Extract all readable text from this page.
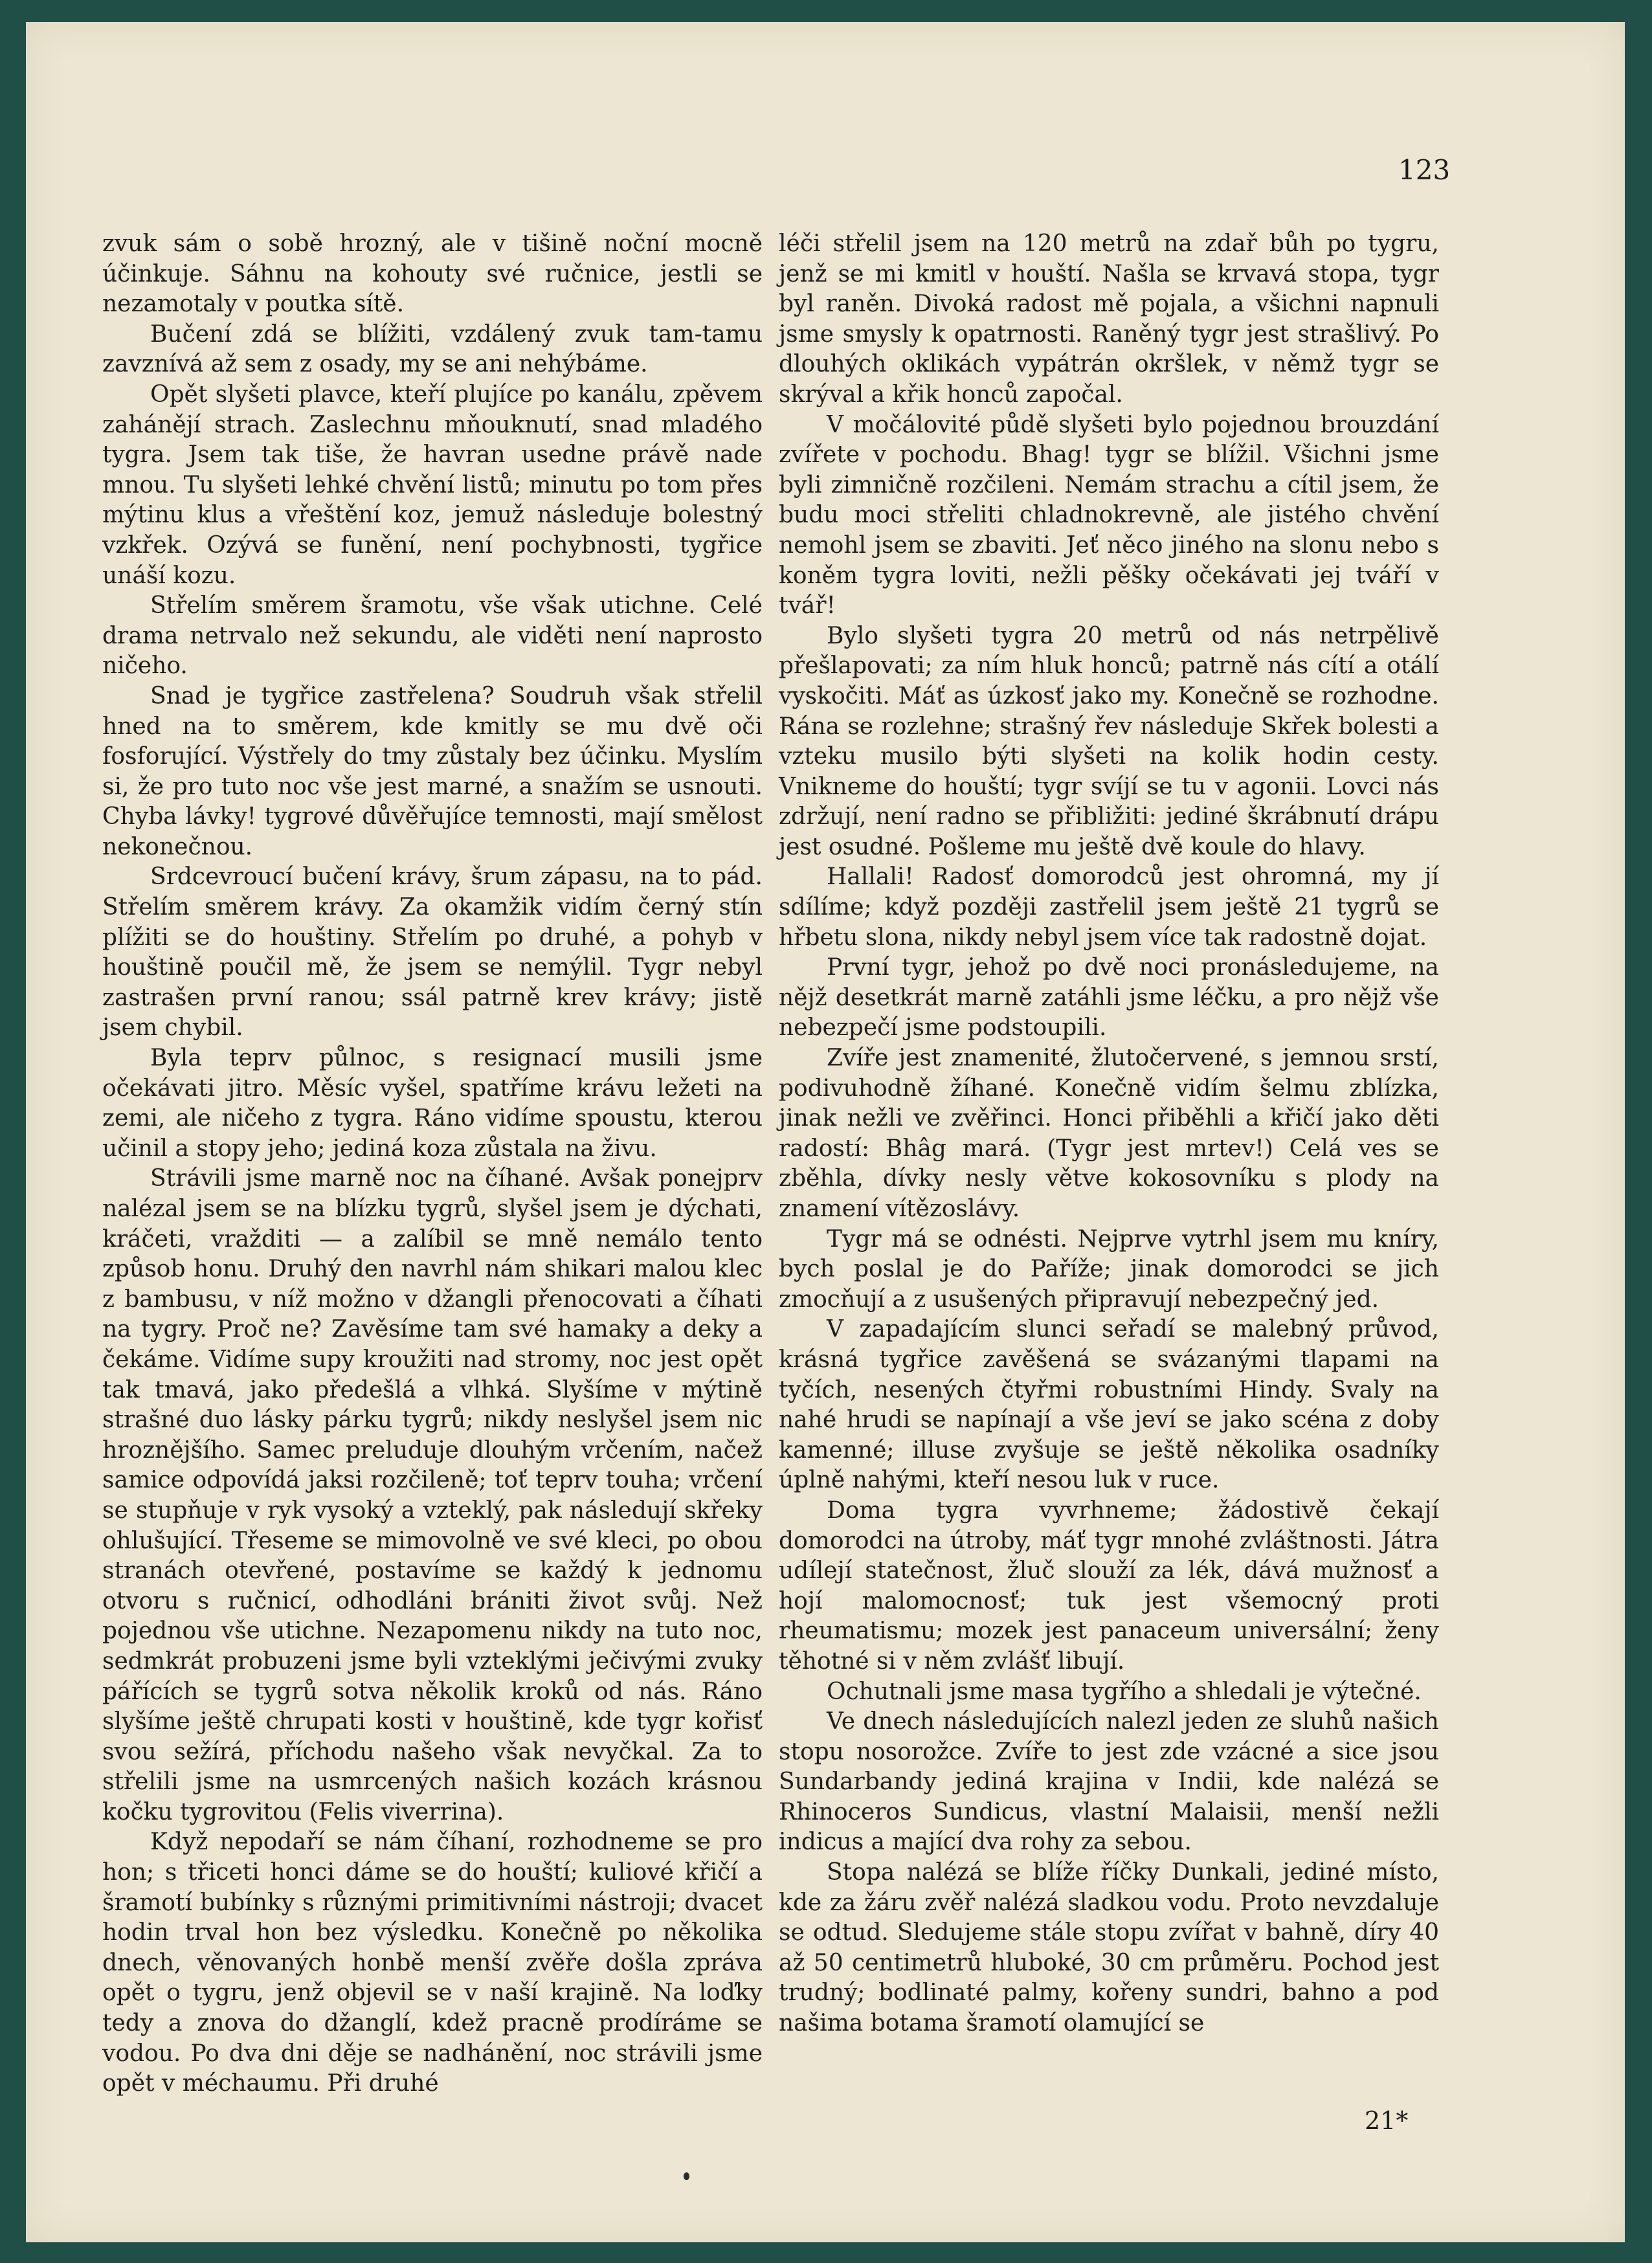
123

zvuk sám o sobě hrozný, ale v tišině noční mocně účinkuje. Sáhnu na kohouty své ručnice, jestli se nezamotaly v poutka sítě.

Bučení zdá se blížiti, vzdálený zvuk tam-tamu zavznívá až sem z osady, my se ani nehýbáme.

Opět slyšeti plavce, kteří plujíce po kanálu, zpěvem zahánějí strach. Zaslechnu mňouknutí, snad mladého tygra. Jsem tak tiše, že havran usedne právě nade mnou. Tu slyšeti lehké chvění listů; minutu po tom přes mýtinu klus a vřeštění koz, jemuž následuje bolestný vzkřek. Ozývá se funění, není pochybnosti, tygřice unáší kozu.

Střelím směrem šramotu, vše však utichne. Celé drama netrvalo než sekundu, ale viděti není naprosto ničeho.

Snad je tygřice zastřelena? Soudruh však střelil hned na to směrem, kde kmitly se mu dvě oči fosforující. Výstřely do tmy zůstaly bez účinku. Myslím si, že pro tuto noc vše jest marné, a snažím se usnouti. Chyba lávky! tygrové důvěřujíce temnosti, mají smělost nekonečnou.

Srdcevroucí bučení krávy, šrum zápasu, na to pád. Střelím směrem krávy. Za okamžik vidím černý stín plížiti se do houštiny. Střelím po druhé, a pohyb v houštině poučil mě, že jsem se nemýlil. Tygr nebyl zastrašen první ranou; ssál patrně krev krávy; jistě jsem chybil.

Byla teprv půlnoc, s resignací musili jsme očekávati jitro. Měsíc vyšel, spatříme krávu ležeti na zemi, ale ničeho z tygra. Ráno vidíme spoustu, kterou učinil a stopy jeho; jediná koza zůstala na živu.

Strávili jsme marně noc na číhané. Avšak ponejprv nalézal jsem se na blízku tygrů, slyšel jsem je dýchati, kráčeti, vražditi — a zalíbil se mně nemálo tento způsob honu. Druhý den navrhl nám shikari malou klec z bambusu, v níž možno v džangli přenocovati a číhati na tygry. Proč ne? Zavěsíme tam své hamaky a deky a čekáme. Vidíme supy kroužiti nad stromy, noc jest opět tak tmavá, jako předešlá a vlhká. Slyšíme v mýtině strašné duo lásky párku tygrů; nikdy neslyšel jsem nic hroznějšího. Samec preluduje dlouhým vrčením, načež samice odpovídá jaksi rozčileně; toť teprv touha; vrčení se stupňuje v ryk vysoký a vzteklý, pak následují skřeky ohlušující. Třeseme se mimovolně ve své kleci, po obou stranách otevřené, postavíme se každý k jednomu otvoru s ručnicí, odhodláni brániti život svůj. Než pojednou vše utichne. Nezapomenu nikdy na tuto noc, sedmkrát probuzeni jsme byli vzteklými ječivými zvuky pářících se tygrů sotva několik kroků od nás. Ráno slyšíme ještě chrupati kosti v houštině, kde tygr kořisť svou sežírá, příchodu našeho však nevyčkal. Za to střelili jsme na usmrcených našich kozách krásnou kočku tygrovitou (Felis viverrina).

Když nepodaří se nám číhaní, rozhodneme se pro hon; s třiceti honci dáme se do houští; kuliové křičí a šramotí bubínky s různými primitivními nástroji; dvacet hodin trval hon bez výsledku. Konečně po několika dnech, věnovaných honbě menší zvěře došla zpráva opět o tygru, jenž objevil se v naší krajině. Na loďky tedy a znova do džanglí, kdež pracně prodíráme se vodou. Po dva dni děje se nadhánění, noc strávili jsme opět v méchaumu. Při druhé

léči střelil jsem na 120 metrů na zdař bůh po tygru, jenž se mi kmitl v houští. Našla se krvavá stopa, tygr byl raněn. Divoká radost mě pojala, a všichni napnuli jsme smysly k opatrnosti. Raněný tygr jest strašlivý. Po dlouhých oklikách vypátrán okršlek, v němž tygr se skrýval a křik honců započal.

V močálovité půdě slyšeti bylo pojednou brouzdání zvířete v pochodu. Bhag! tygr se blížil. Všichni jsme byli zimničně rozčileni. Nemám strachu a cítil jsem, že budu moci střeliti chladnokrevně, ale jistého chvění nemohl jsem se zbaviti. Jeť něco jiného na slonu nebo s koněm tygra loviti, nežli pěšky očekávati jej tváří v tvář!

Bylo slyšeti tygra 20 metrů od nás netrpělivě přešlapovati; za ním hluk honců; patrně nás cítí a otálí vyskočiti. Máť as úzkosť jako my. Konečně se rozhodne. Rána se rozlehne; strašný řev následuje Skřek bolesti a vzteku musilo býti slyšeti na kolik hodin cesty. Vnikneme do houští; tygr svíjí se tu v agonii. Lovci nás zdržují, není radno se přibližiti: jediné škrábnutí drápu jest osudné. Pošleme mu ještě dvě koule do hlavy.

Hallali! Radosť domorodců jest ohromná, my jí sdílíme; když později zastřelil jsem ještě 21 tygrů se hřbetu slona, nikdy nebyl jsem více tak radostně dojat.

První tygr, jehož po dvě noci pronásledujeme, na nějž desetkrát marně zatáhli jsme léčku, a pro nějž vše nebezpečí jsme podstoupili.

Zvíře jest znamenité, žlutočervené, s jemnou srstí, podivuhodně žíhané. Konečně vidím šelmu zblízka, jinak nežli ve zvěřinci. Honci přiběhli a křičí jako děti radostí: Bhâg mará. (Tygr jest mrtev!) Celá ves se zběhla, dívky nesly větve kokosovníku s plody na znamení vítězoslávy.

Tygr má se odnésti. Nejprve vytrhl jsem mu kníry, bych poslal je do Paříže; jinak domorodci se jich zmocňují a z usušených připravují nebezpečný jed.

V zapadajícím slunci seřadí se malebný průvod, krásná tygřice zavěšená se svázanými tlapami na tyčích, nesených čtyřmi robustními Hindy. Svaly na nahé hrudi se napínají a vše jeví se jako scéna z doby kamenné; illuse zvyšuje se ještě několika osadníky úplně nahými, kteří nesou luk v ruce.

Doma tygra vyvrhneme; žádostivě čekají domorodci na útroby, máť tygr mnohé zvláštnosti. Játra udílejí statečnost, žluč slouží za lék, dává mužnosť a hojí malomocnosť; tuk jest všemocný proti rheumatismu; mozek jest panaceum universální; ženy těhotné si v něm zvlášť libují.

Ochutnali jsme masa tygřího a shledali je výtečné.

Ve dnech následujících nalezl jeden ze sluhů našich stopu nosorožce. Zvíře to jest zde vzácné a sice jsou Sundarbandy jediná krajina v Indii, kde nalézá se Rhinoceros Sundicus, vlastní Malaisii, menší nežli indicus a mající dva rohy za sebou.

Stopa nalézá se blíže říčky Dunkali, jediné místo, kde za žáru zvěř nalézá sladkou vodu. Proto nevzdaluje se odtud. Sledujeme stále stopu zvířat v bahně, díry 40 až 50 centimetrů hluboké, 30 cm průměru. Pochod jest trudný; bodlinaté palmy, kořeny sundri, bahno a pod našima botama šramotí olamující se

21*
